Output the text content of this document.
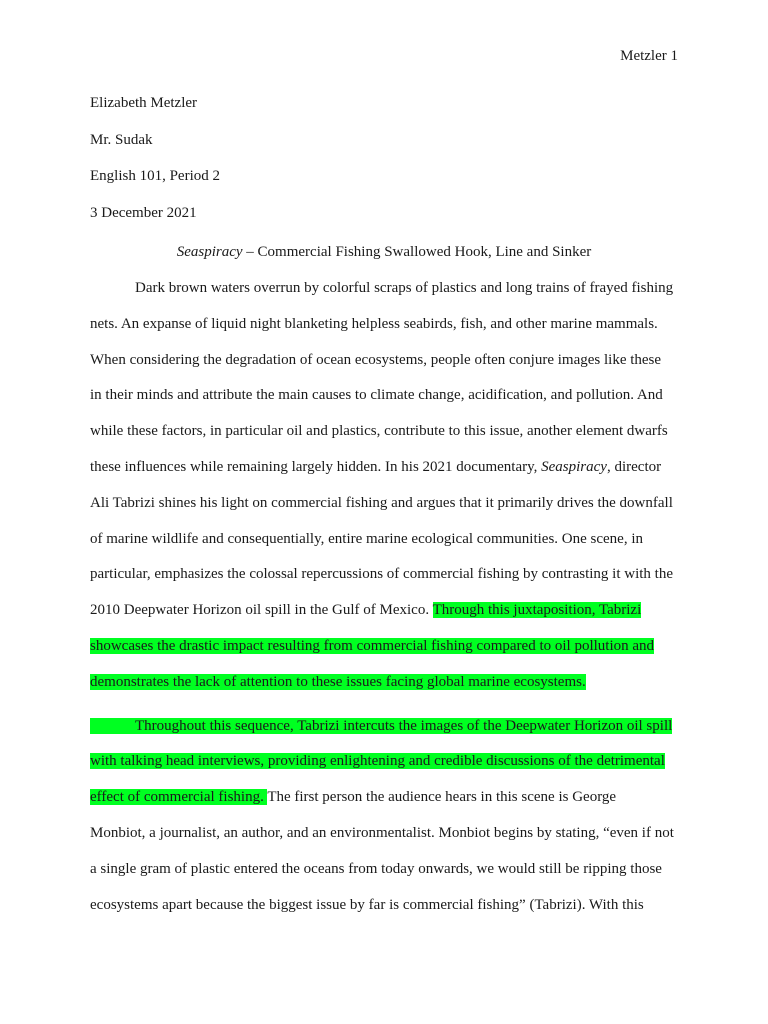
Metzler 1
Elizabeth Metzler
Mr. Sudak
English 101, Period 2
3 December 2021
Seaspiracy – Commercial Fishing Swallowed Hook, Line and Sinker
Dark brown waters overrun by colorful scraps of plastics and long trains of frayed fishing
nets. An expanse of liquid night blanketing helpless seabirds, fish, and other marine mammals.
When considering the degradation of ocean ecosystems, people often conjure images like these
in their minds and attribute the main causes to climate change, acidification, and pollution. And
while these factors, in particular oil and plastics, contribute to this issue, another element dwarfs
these influences while remaining largely hidden. In his 2021 documentary, Seaspiracy, director
Ali Tabrizi shines his light on commercial fishing and argues that it primarily drives the downfall
of marine wildlife and consequentially, entire marine ecological communities. One scene, in
particular, emphasizes the colossal repercussions of commercial fishing by contrasting it with the
2010 Deepwater Horizon oil spill in the Gulf of Mexico. Through this juxtaposition, Tabrizi
showcases the drastic impact resulting from commercial fishing compared to oil pollution and
demonstrates the lack of attention to these issues facing global marine ecosystems.
Throughout this sequence, Tabrizi intercuts the images of the Deepwater Horizon oil spill
with talking head interviews, providing enlightening and credible discussions of the detrimental
effect of commercial fishing. The first person the audience hears in this scene is George
Monbiot, a journalist, an author, and an environmentalist. Monbiot begins by stating, “even if not
a single gram of plastic entered the oceans from today onwards, we would still be ripping those
ecosystems apart because the biggest issue by far is commercial fishing” (Tabrizi). With this
